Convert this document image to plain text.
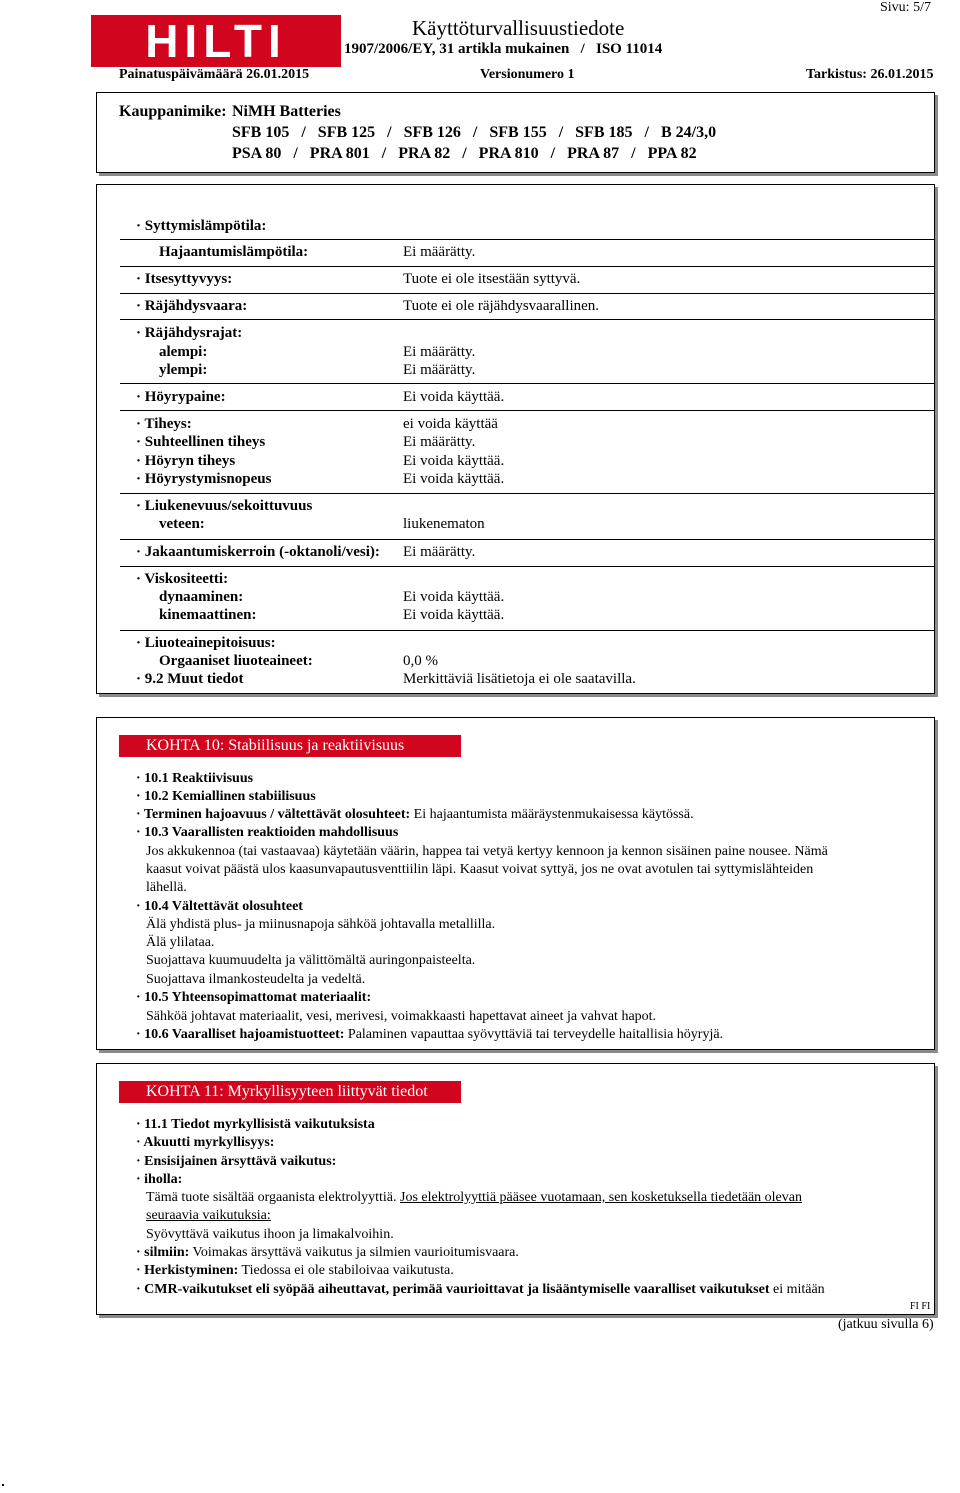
HILTI	Käyttöturvallisuustiedote
1907/2006/EY, 31 artikla mukainen   /   ISO 11014
Sivu: 5/7
Painatuspäivämäärä 26.01.2015	Versionumero 1	Tarkistus: 26.01.2015
Kauppanimike: NiMH Batteries
SFB 105   /   SFB 125   /   SFB 126   /   SFB 155   /   SFB 185   /   B 24/3,0
PSA 80   /   PRA 801   /   PRA 82   /   PRA 810   /   PRA 87   /   PPA 82
· Syttymislämpötila:
Hajaantumislämpötila:	Ei määrätty.
· Itsesyttyvyys:	Tuote ei ole itsestään syttyvä.
· Räjähdysvaara:	Tuote ei ole räjähdysvaarallinen.
· Räjähdysrajat:
alempi:	Ei määrätty.
ylempi:	Ei määrätty.
· Höyrypaine:	Ei voida käyttää.
· Tiheys:	ei voida käyttää
· Suhteellinen tiheys	Ei määrätty.
· Höyryn tiheys	Ei voida käyttää.
· Höyrystymisnopeus	Ei voida käyttää.
· Liukenevuus/sekoittuvuus
veteen:	liukenematon
· Jakaantumiskerroin (-oktanoli/vesi): Ei määrätty.
· Viskositeetti:
dynaaminen:	Ei voida käyttää.
kinemaattinen:	Ei voida käyttää.
· Liuoteainepitoisuus:
Orgaaniset liuoteaineet:	0,0 %
· 9.2 Muut tiedot	Merkittäviä lisätietoja ei ole saatavilla.
KOHTA 10: Stabiilisuus ja reaktiivisuus
· 10.1 Reaktiivisuus
· 10.2 Kemiallinen stabiilisuus
· Terminen hajoavuus / vältettävät olosuhteet: Ei hajaantumista määräystenmukaisessa käytössä.
· 10.3 Vaarallisten reaktioiden mahdollisuus
Jos akkukennoa (tai vastaavaa) käytetään väärin, happea tai vetyä kertyy kennoon ja kennon sisäinen paine nousee. Nämä
kaasut voivat päästä ulos kaasunvapautusventtiilin läpi. Kaasut voivat syttyä, jos ne ovat avotulen tai syttymislähteiden
lähellä.
· 10.4 Vältettävät olosuhteet
Älä yhdistä plus- ja miinusnapoja sähköä johtavalla metallilla.
Älä ylilataa.
Suojattava kuumuudelta ja välittömältä auringonpaisteelta.
Suojattava ilmankosteudelta ja vedeltä.
· 10.5 Yhteensopimattomat materiaalit:
Sähköä johtavat materiaalit, vesi, merivesi, voimakkaasti hapettavat aineet ja vahvat hapot.
· 10.6 Vaaralliset hajoamistuotteet: Palaminen vapauttaa syövyttäviä tai terveydelle haitallisia höyryjä.
KOHTA 11: Myrkyllisyyteen liittyvät tiedot
· 11.1 Tiedot myrkyllisistä vaikutuksista
· Akuutti myrkyllisyys:
· Ensisijainen ärsyttävä vaikutus:
· iholla:
Tämä tuote sisältää orgaanista elektrolyyttiä. Jos elektrolyyttiä pääsee vuotamaan, sen kosketuksella tiedetään olevan
seuraavia vaikutuksia:
Syövyttävä vaikutus ihoon ja limakalvoihin.
· silmiin: Voimakas ärsyttävä vaikutus ja silmien vaurioitumisvaara.
· Herkistyminen: Tiedossa ei ole stabiloivaa vaikutusta.
· CMR-vaikutukset eli syöpää aiheuttavat, perimää vaurioittavat ja lisääntymiselle vaaralliset vaikutukset ei mitään
FI FI
(jatkuu sivulla 6)
